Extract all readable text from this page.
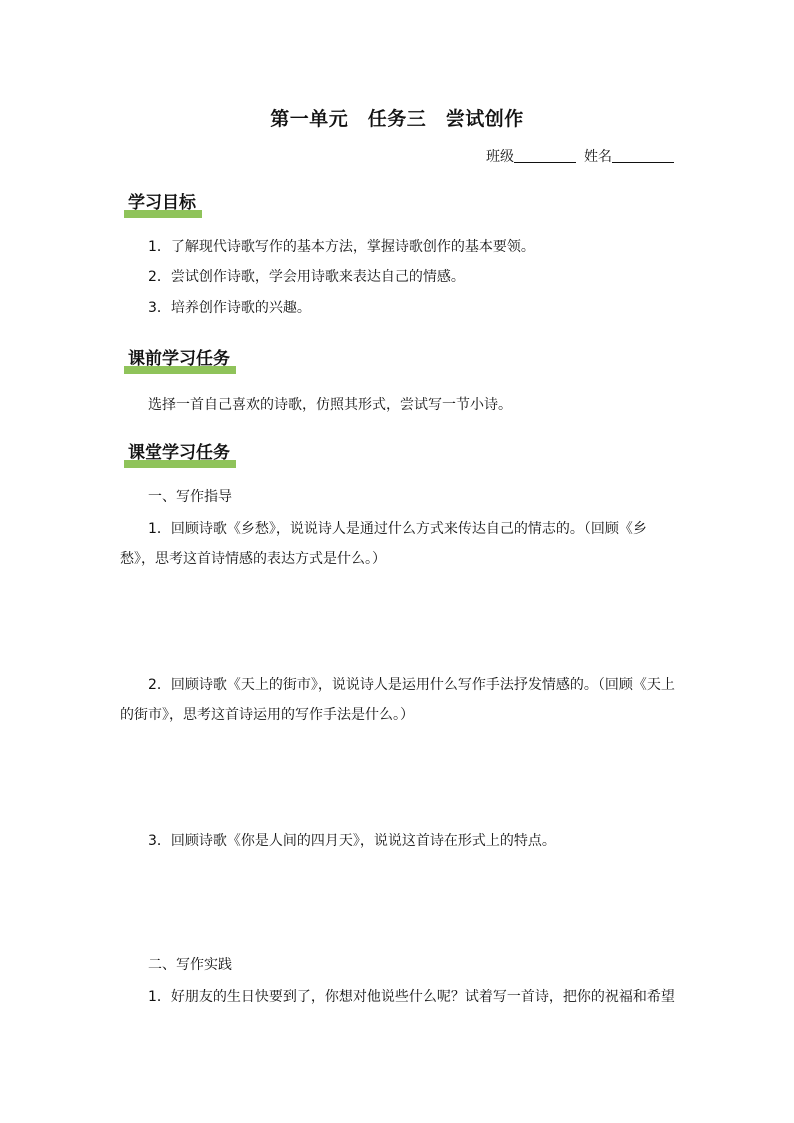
第一单元　任务三　尝试创作
班级	姓名
学习目标
1．了解现代诗歌写作的基本方法，掌握诗歌创作的基本要领。
2．尝试创作诗歌，学会用诗歌来表达自己的情感。
3．培养创作诗歌的兴趣。
课前学习任务
选择一首自己喜欢的诗歌，仿照其形式，尝试写一节小诗。
课堂学习任务
一、写作指导
1．回顾诗歌《乡愁》，说说诗人是通过什么方式来传达自己的情志的。（回顾《乡愁》，思考这首诗情感的表达方式是什么。）
2．回顾诗歌《天上的街市》，说说诗人是运用什么写作手法抒发情感的。（回顾《天上的街市》，思考这首诗运用的写作手法是什么。）
3．回顾诗歌《你是人间的四月天》，说说这首诗在形式上的特点。
二、写作实践
1．好朋友的生日快要到了，你想对他说些什么呢？试着写一首诗，把你的祝福和希望
